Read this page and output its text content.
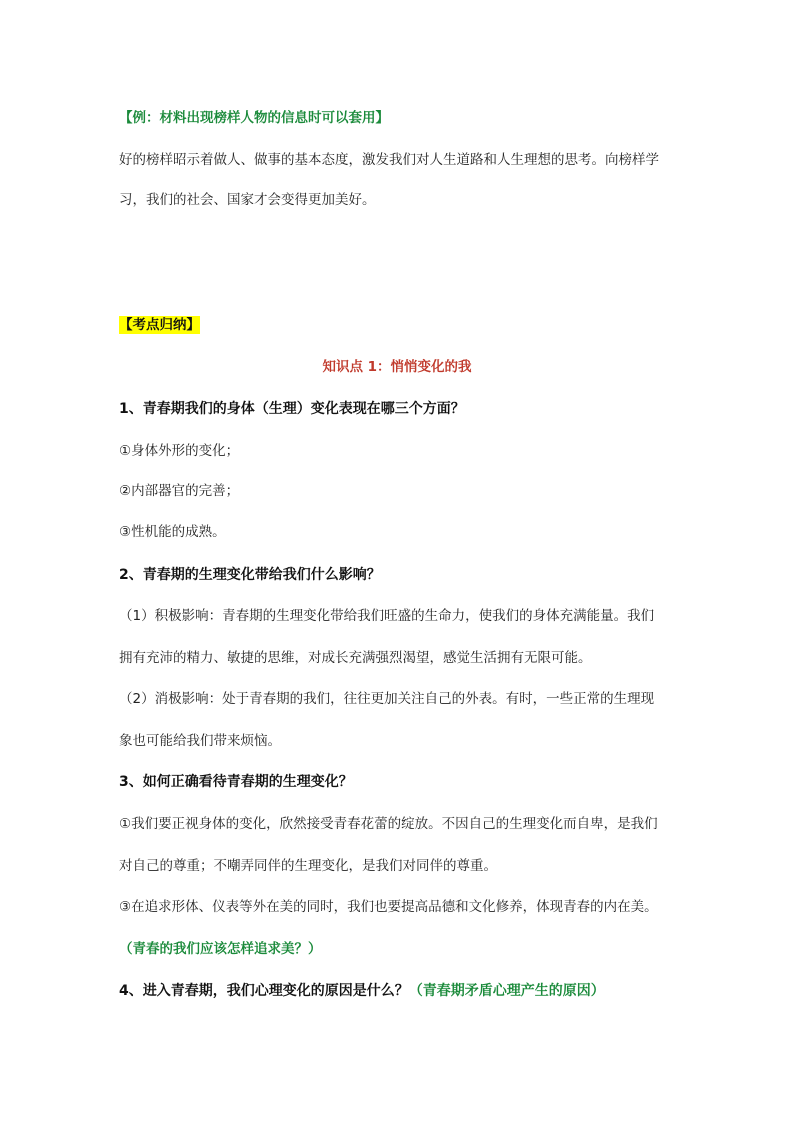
【例：材料出现榜样人物的信息时可以套用】
好的榜样昭示着做人、做事的基本态度，激发我们对人生道路和人生理想的思考。向榜样学
习，我们的社会、国家才会变得更加美好。
【考点归纳】
知识点 1：悄悄变化的我
1、青春期我们的身体（生理）变化表现在哪三个方面？
①身体外形的变化；
②内部器官的完善；
③性机能的成熟。
2、青春期的生理变化带给我们什么影响？
（1）积极影响：青春期的生理变化带给我们旺盛的生命力，使我们的身体充满能量。我们
拥有充沛的精力、敏捷的思维，对成长充满强烈渴望，感觉生活拥有无限可能。
（2）消极影响：处于青春期的我们，往往更加关注自己的外表。有时，一些正常的生理现
象也可能给我们带来烦恼。
3、如何正确看待青春期的生理变化？
①我们要正视身体的变化，欣然接受青春花蕾的绽放。不因自己的生理变化而自卑，是我们
对自己的尊重；不嘲弄同伴的生理变化，是我们对同伴的尊重。
③在追求形体、仪表等外在美的同时，我们也要提高品德和文化修养，体现青春的内在美。
（青春的我们应该怎样追求美？）
4、进入青春期，我们心理变化的原因是什么？（青春期矛盾心理产生的原因）
